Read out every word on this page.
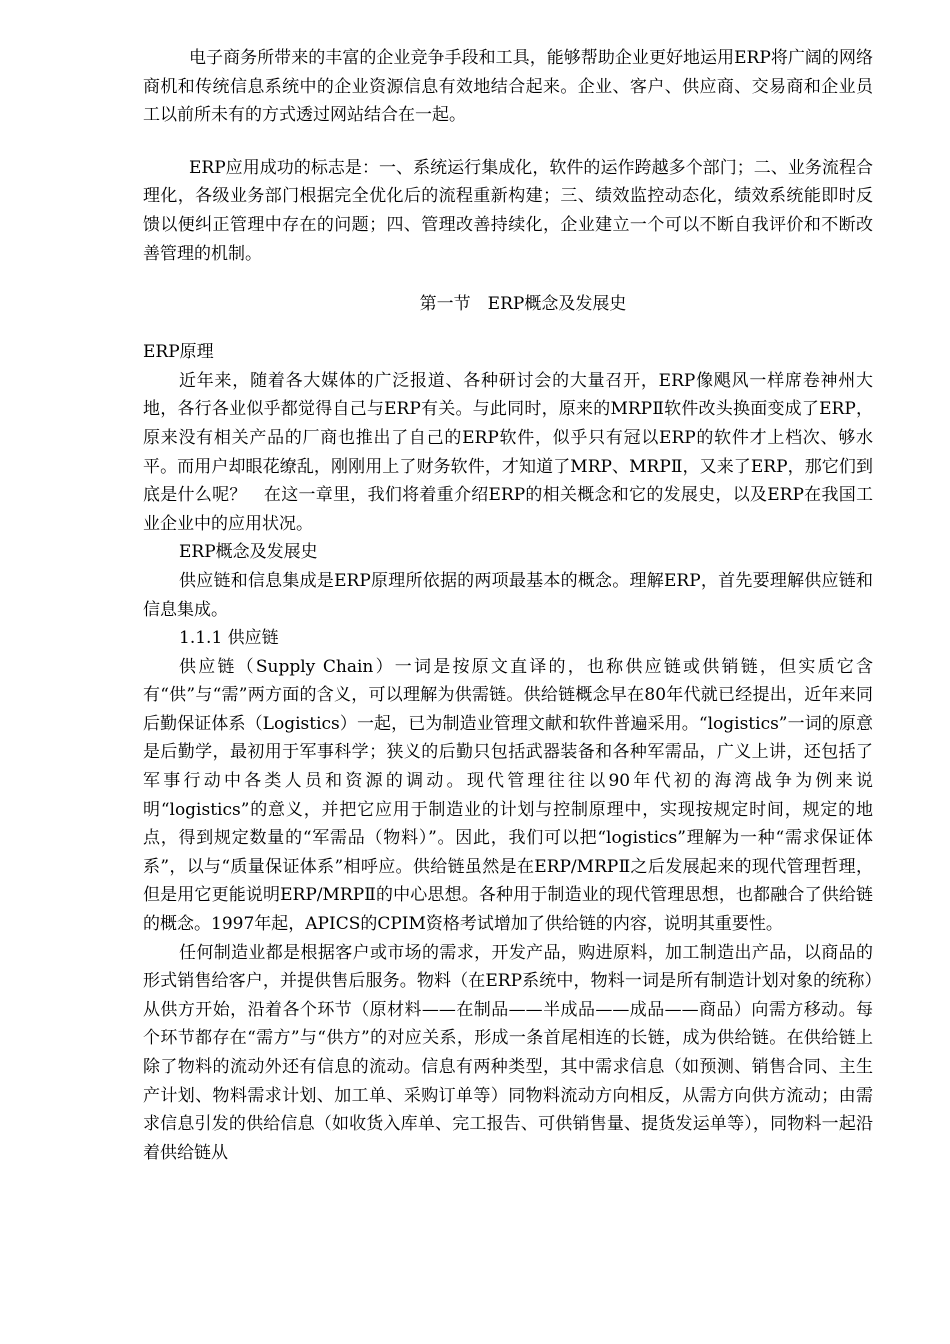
电子商务所带来的丰富的企业竞争手段和工具，能够帮助企业更好地运用ERP将广阔的网络商机和传统信息系统中的企业资源信息有效地结合起来。企业、客户、供应商、交易商和企业员工以前所未有的方式透过网站结合在一起。

ERP应用成功的标志是：一、系统运行集成化，软件的运作跨越多个部门；二、业务流程合理化，各级业务部门根据完全优化后的流程重新构建；三、绩效监控动态化，绩效系统能即时反馈以便纠正管理中存在的问题；四、管理改善持续化，企业建立一个可以不断自我评价和不断改善管理的机制。

第一节　ERP概念及发展史

ERP原理

近年来，随着各大媒体的广泛报道、各种研讨会的大量召开，ERP像飓风一样席卷神州大地，各行各业似乎都觉得自己与ERP有关。与此同时，原来的MRPⅡ软件改头换面变成了ERP，原来没有相关产品的厂商也推出了自己的ERP软件，似乎只有冠以ERP的软件才上档次、够水平。而用户却眼花缭乱，刚刚用上了财务软件，才知道了MRP、MRPⅡ，又来了ERP，那它们到底是什么呢？　在这一章里，我们将着重介绍ERP的相关概念和它的发展史，以及ERP在我国工业企业中的应用状况。

ERP概念及发展史

供应链和信息集成是ERP原理所依据的两项最基本的概念。理解ERP，首先要理解供应链和信息集成。

1.1.1 供应链

供应链（Supply Chain）一词是按原文直译的，也称供应链或供销链，但实质它含有“供”与“需”两方面的含义，可以理解为供需链。供给链概念早在80年代就已经提出，近年来同后勤保证体系（Logistics）一起，已为制造业管理文献和软件普遍采用。“logistics”一词的原意是后勤学，最初用于军事科学；狭义的后勤只包括武器装备和各种军需品，广义上讲，还包括了军事行动中各类人员和资源的调动。现代管理往往以90年代初的海湾战争为例来说明“logistics”的意义，并把它应用于制造业的计划与控制原理中，实现按规定时间，规定的地点，得到规定数量的“军需品（物料）”。因此，我们可以把“logistics”理解为一种“需求保证体系”，以与“质量保证体系”相呼应。供给链虽然是在ERP/MRPⅡ之后发展起来的现代管理哲理，但是用它更能说明ERP/MRPⅡ的中心思想。各种用于制造业的现代管理思想，也都融合了供给链的概念。1997年起，APICS的CPIM资格考试增加了供给链的内容，说明其重要性。

任何制造业都是根据客户或市场的需求，开发产品，购进原料，加工制造出产品，以商品的形式销售给客户，并提供售后服务。物料（在ERP系统中，物料一词是所有制造计划对象的统称）从供方开始，沿着各个环节（原材料——在制品——半成品——成品——商品）向需方移动。每个环节都存在“需方”与“供方”的对应关系，形成一条首尾相连的长链，成为供给链。在供给链上除了物料的流动外还有信息的流动。信息有两种类型，其中需求信息（如预测、销售合同、主生产计划、物料需求计划、加工单、采购订单等）同物料流动方向相反，从需方向供方流动；由需求信息引发的供给信息（如收货入库单、完工报告、可供销售量、提货发运单等），同物料一起沿着供给链从
